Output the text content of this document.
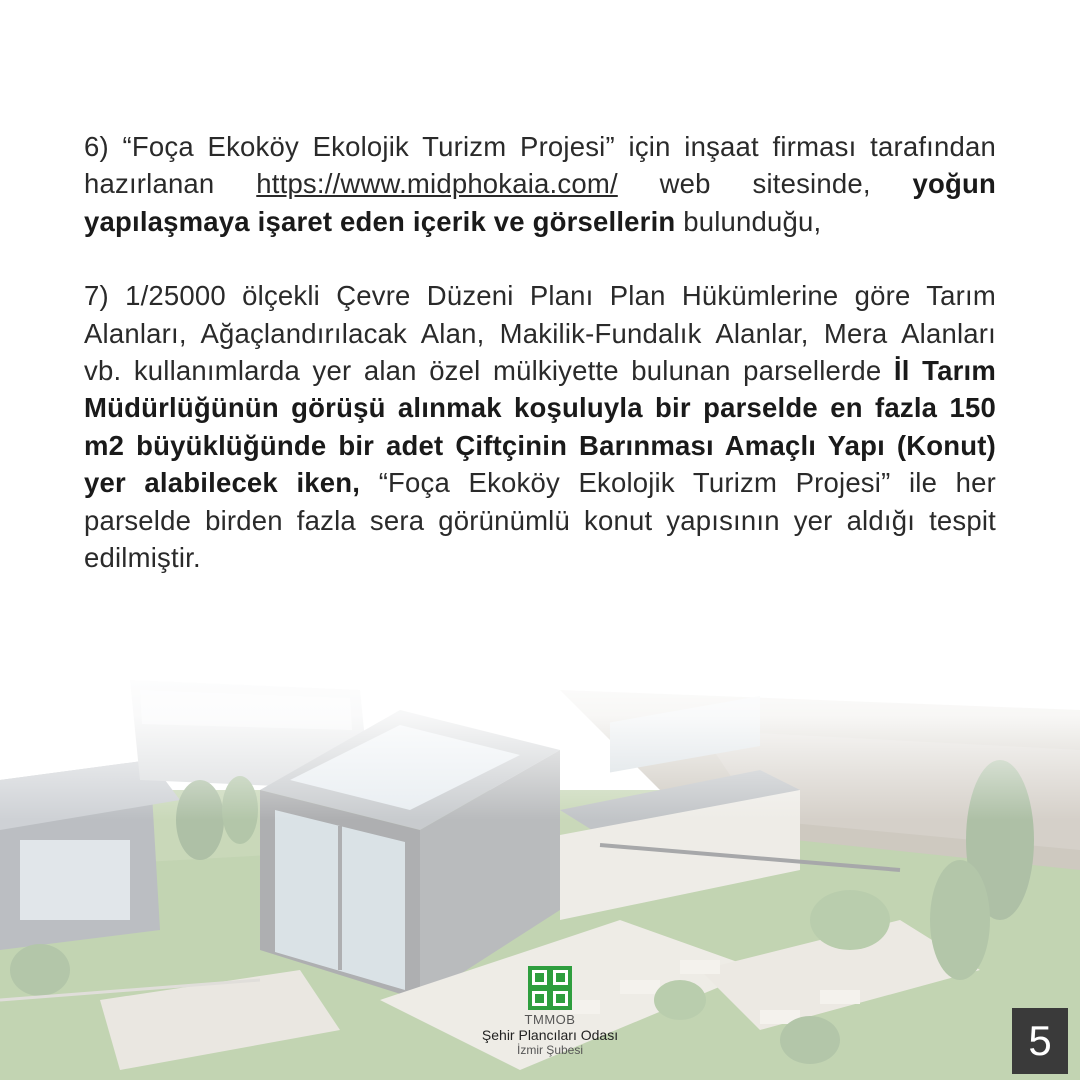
6) “Foça Ekoköy Ekolojik Turizm Projesi” için inşaat firması tarafından hazırlanan https://www.midphokaia.com/ web sitesinde, yoğun yapılaşmaya işaret eden içerik ve görsellerin bulunduğu,

7) 1/25000 ölçekli Çevre Düzeni Planı Plan Hükümlerine göre Tarım Alanları, Ağaçlandırılacak Alan, Makilik-Fundalık Alanlar, Mera Alanları vb. kullanımlarda yer alan özel mülkiyette bulunan parsellerde İl Tarım Müdürlüğünün görüşü alınmak koşuluyla bir parselde en fazla 150 m2 büyüklüğünde bir adet Çiftçinin Barınması Amaçlı Yapı (Konut) yer alabilecek iken, “Foça Ekoköy Ekolojik Turizm Projesi” ile her parselde birden fazla sera görünümlü konut yapısının yer aldığı tespit edilmiştir.

TMMOB
Şehir Plancıları Odası
İzmir Şubesi	5
